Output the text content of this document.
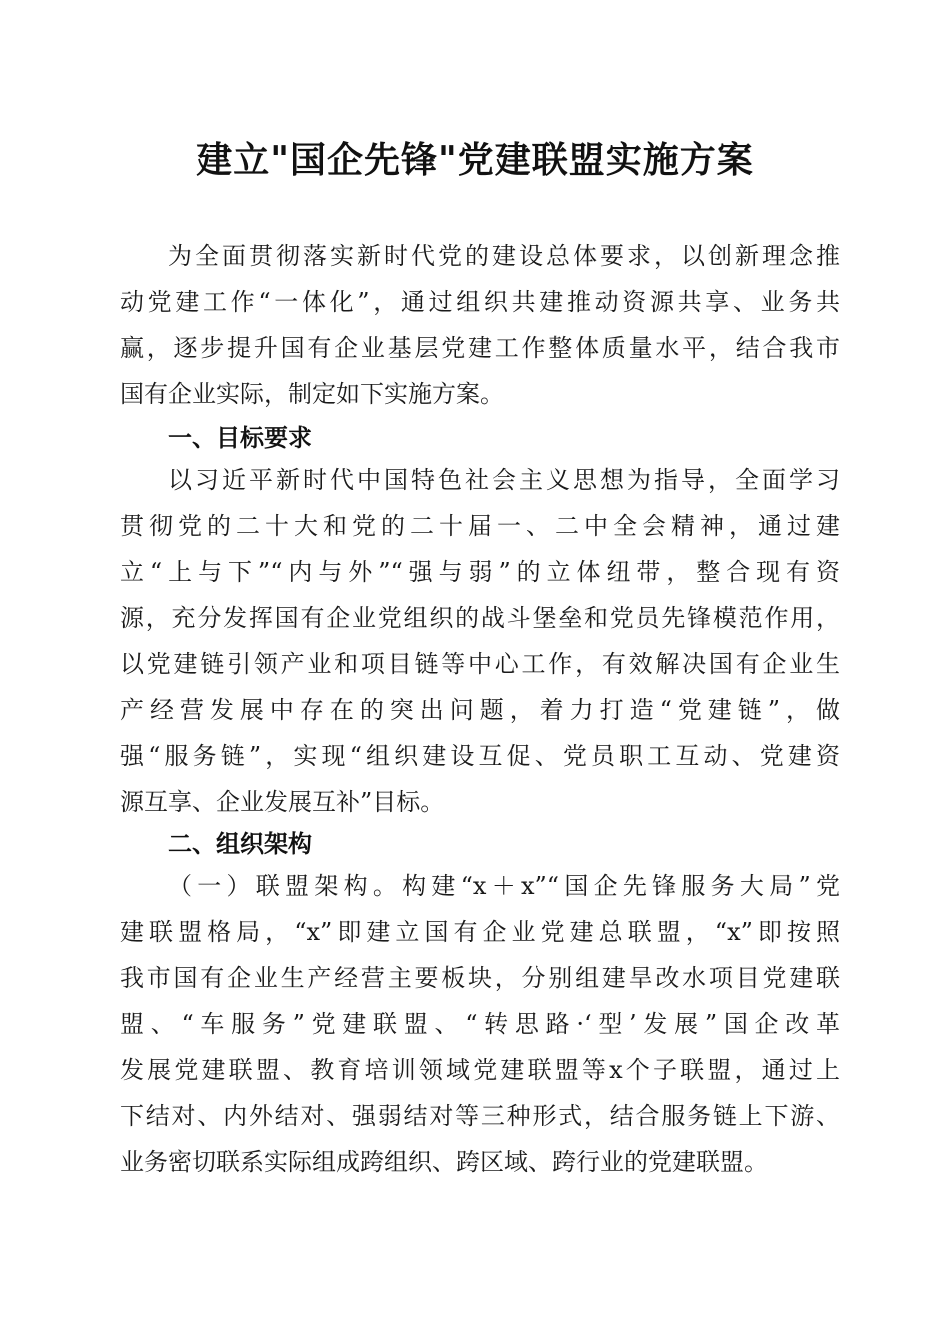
建立"国企先锋"党建联盟实施方案
为全面贯彻落实新时代党的建设总体要求，以创新理念推
动党建工作“一体化”，通过组织共建推动资源共享、业务共
赢，逐步提升国有企业基层党建工作整体质量水平，结合我市
国有企业实际，制定如下实施方案。
一、目标要求
以习近平新时代中国特色社会主义思想为指导，全面学习
贯彻党的二十大和党的二十届一、二中全会精神，通过建
立“上与下”“内与外”“强与弱”的立体纽带，整合现有资
源，充分发挥国有企业党组织的战斗堡垒和党员先锋模范作用，
以党建链引领产业和项目链等中心工作，有效解决国有企业生
产经营发展中存在的突出问题，着力打造“党建链”，做
强“服务链”，实现“组织建设互促、党员职工互动、党建资
源互享、企业发展互补”目标。
二、组织架构
（一）联盟架构。构建“x＋x”“国企先锋服务大局”党
建联盟格局，“x”即建立国有企业党建总联盟，“x”即按照
我市国有企业生产经营主要板块，分别组建旱改水项目党建联
盟、“车服务”党建联盟、“转思路·‘型’发展”国企改革
发展党建联盟、教育培训领域党建联盟等x个子联盟，通过上
下结对、内外结对、强弱结对等三种形式，结合服务链上下游、
业务密切联系实际组成跨组织、跨区域、跨行业的党建联盟。
